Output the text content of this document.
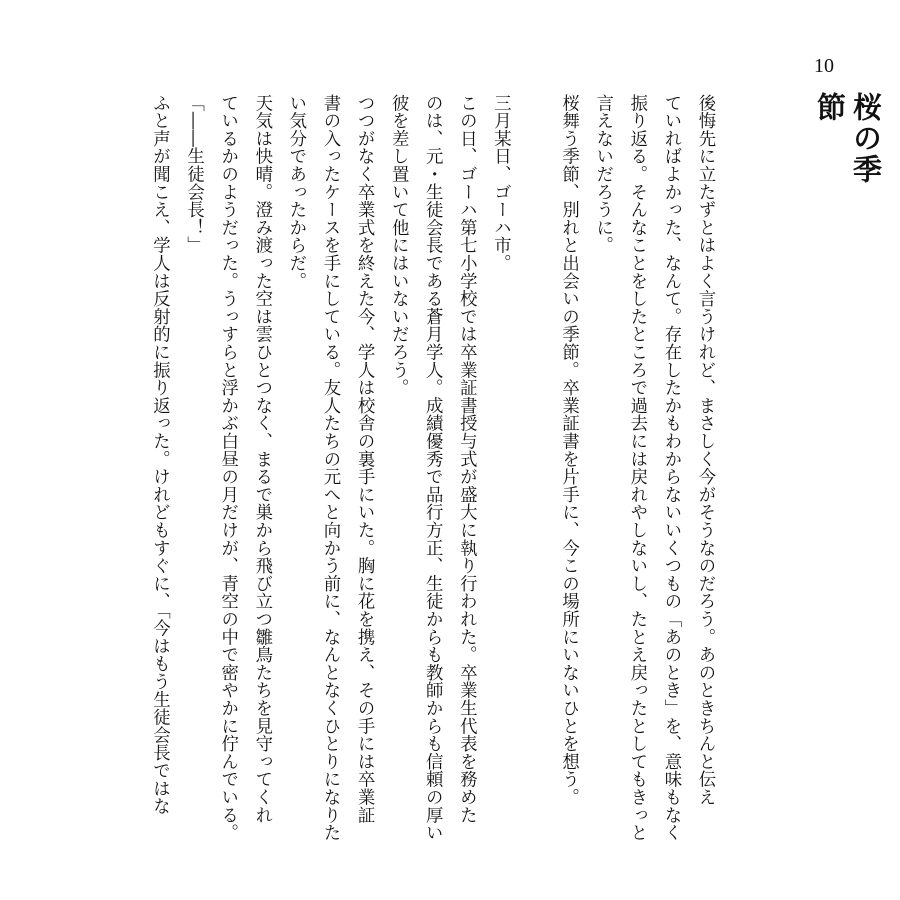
10
桜の季節

後悔先に立たずとはよく言うけれど、まさしく今がそうなのだろう。あのときちんと伝え

ていればよかった、なんて。存在したかもわからないいくつもの「あのとき」を、意味もなく

振り返る。そんなことをしたところで過去には戻れやしないし、たとえ戻ったとしてもきっと

言えないだろうに。

桜舞う季節、別れと出会いの季節。卒業証書を片手に、今この場所にいないひとを想う。

三月某日、ゴーハ市。

この日、ゴーハ第七小学校では卒業証書授与式が盛大に執り行われた。卒業生代表を務めた

のは、元・生徒会長である蒼月学人。成績優秀で品行方正、生徒からも教師からも信頼の厚い

彼を差し置いて他にはいないだろう。

つつがなく卒業式を終えた今、学人は校舎の裏手にいた。胸に花を携え、その手には卒業証

書の入ったケースを手にしている。友人たちの元へと向かう前に、なんとなくひとりになりた

い気分であったからだ。

天気は快晴。澄み渡った空は雲ひとつなく、まるで巣から飛び立つ雛鳥たちを見守ってくれ

ているかのようだった。うっすらと浮かぶ白昼の月だけが、青空の中で密やかに佇んでいる。

「――生徒会長！」

ふと声が聞こえ、学人は反射的に振り返った。けれどもすぐに、「今はもう生徒会長ではな
